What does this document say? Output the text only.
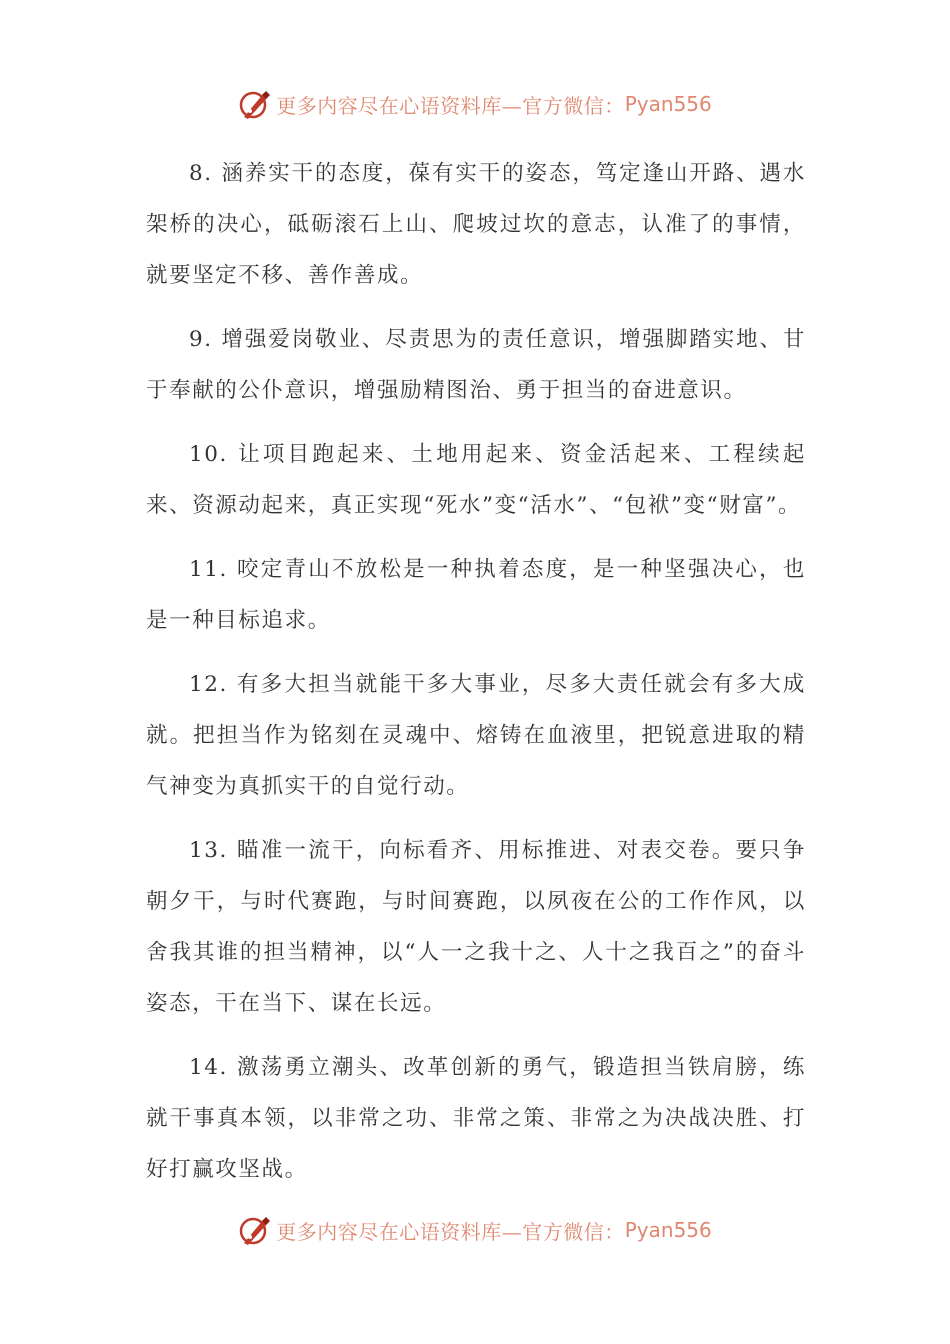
更多内容尽在心语资料库—官方微信： Pyan556

8. 涵养实干的态度，葆有实干的姿态，笃定逢山开路、遇水架桥的决心，砥砺滚石上山、爬坡过坎的意志，认准了的事情，就要坚定不移、善作善成。

9. 增强爱岗敬业、尽责思为的责任意识，增强脚踏实地、甘于奉献的公仆意识，增强励精图治、勇于担当的奋进意识。

10. 让项目跑起来、土地用起来、资金活起来、工程续起来、资源动起来，真正实现“死水”变“活水”、“包袱”变“财富”。

11. 咬定青山不放松是一种执着态度，是一种坚强决心，也是一种目标追求。

12. 有多大担当就能干多大事业，尽多大责任就会有多大成就。把担当作为铭刻在灵魂中、熔铸在血液里，把锐意进取的精气神变为真抓实干的自觉行动。

13. 瞄准一流干，向标看齐、用标推进、对表交卷。要只争朝夕干，与时代赛跑，与时间赛跑，以夙夜在公的工作作风，以舍我其谁的担当精神，以“人一之我十之、人十之我百之”的奋斗姿态，干在当下、谋在长远。

14. 激荡勇立潮头、改革创新的勇气，锻造担当铁肩膀，练就干事真本领，以非常之功、非常之策、非常之为决战决胜、打好打赢攻坚战。

更多内容尽在心语资料库—官方微信： Pyan556
